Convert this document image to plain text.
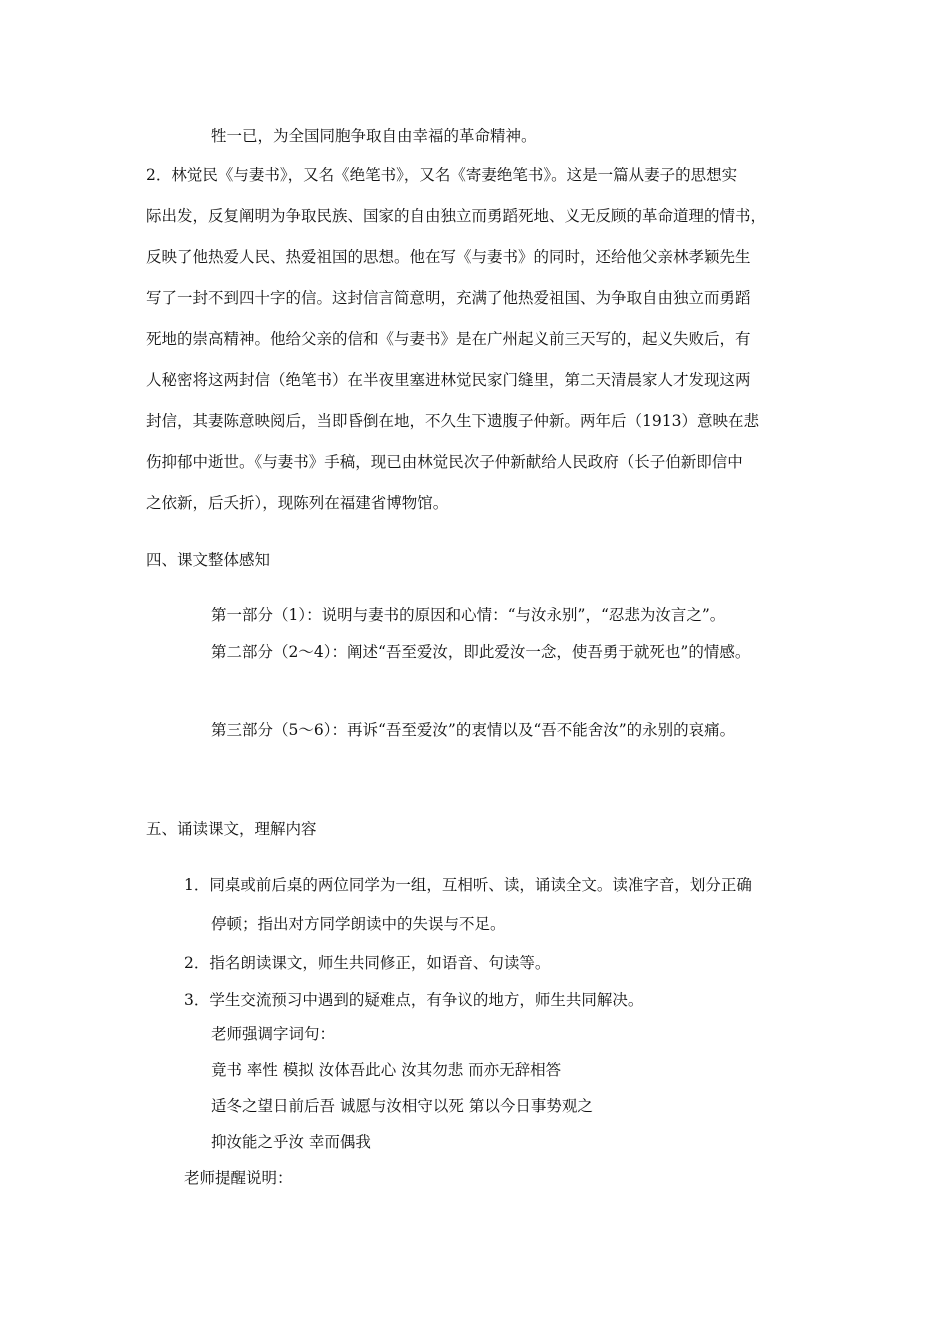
牲一已，为全国同胞争取自由幸福的革命精神。
2．林觉民《与妻书》，又名《绝笔书》，又名《寄妻绝笔书》。这是一篇从妻子的思想实
际出发，反复阐明为争取民族、国家的自由独立而勇蹈死地、义无反顾的革命道理的情书，
反映了他热爱人民、热爱祖国的思想。他在写《与妻书》的同时，还给他父亲林孝颖先生
写了一封不到四十字的信。这封信言简意明，充满了他热爱祖国、为争取自由独立而勇蹈
死地的崇高精神。他给父亲的信和《与妻书》是在广州起义前三天写的，起义失败后，有
人秘密将这两封信（绝笔书）在半夜里塞进林觉民家门缝里，第二天清晨家人才发现这两
封信，其妻陈意映阅后，当即昏倒在地，不久生下遗腹子仲新。两年后（1913）意映在悲
伤抑郁中逝世。《与妻书》手稿，现已由林觉民次子仲新献给人民政府（长子伯新即信中
之依新，后夭折），现陈列在福建省博物馆。
四、课文整体感知
第一部分（1）：说明与妻书的原因和心情：“与汝永别”，“忍悲为汝言之”。
第二部分（2～4）：阐述“吾至爱汝，即此爱汝一念，使吾勇于就死也”的情感。
第三部分（5～6）：再诉“吾至爱汝”的衷情以及“吾不能舍汝”的永别的哀痛。
五、诵读课文，理解内容
1．同桌或前后桌的两位同学为一组，互相听、读，诵读全文。读准字音，划分正确
停顿；指出对方同学朗读中的失误与不足。
2．指名朗读课文，师生共同修正，如语音、句读等。
3．学生交流预习中遇到的疑难点，有争议的地方，师生共同解决。
老师强调字词句：
竟书 率性 模拟 汝体吾此心 汝其勿悲 而亦无辞相答
适冬之望日前后吾 诚愿与汝相守以死 第以今日事势观之
抑汝能之乎汝 幸而偶我
老师提醒说明：
